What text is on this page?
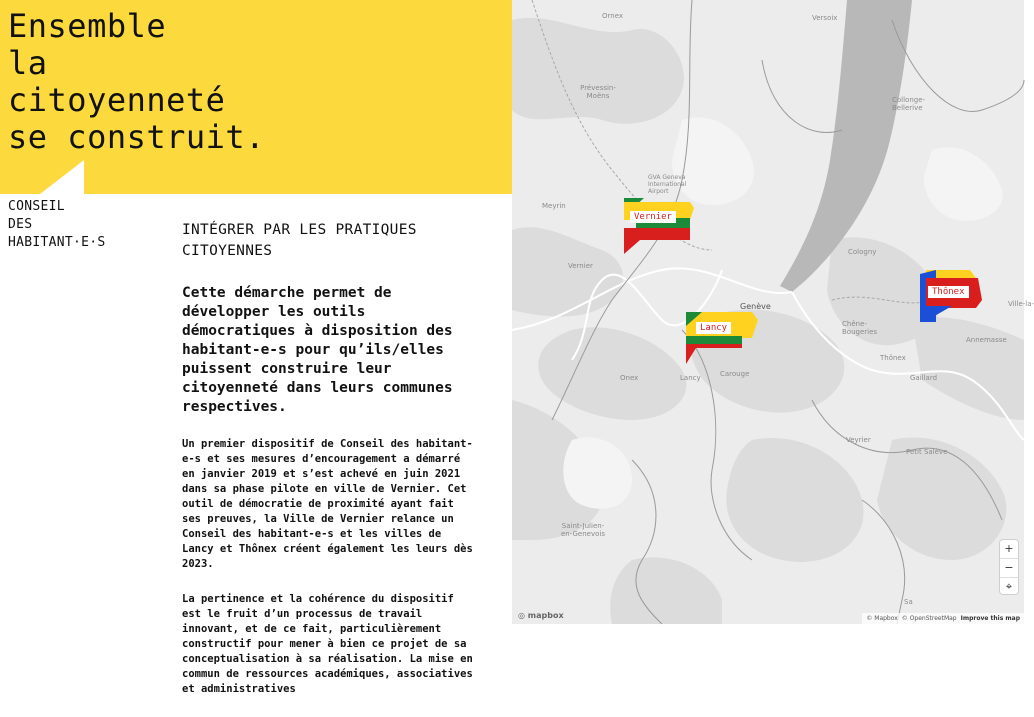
Ensemble
la
citoyenneté
se construit.
CONSEIL
DES
HABITANT·E·S
INTÉGRER PAR LES PRATIQUES CITOYENNES

Cette démarche permet de développer les outils démocratiques à disposition des habitant-e-s pour qu’ils/elles puissent construire leur citoyenneté dans leurs communes respectives.

Un premier dispositif de Conseil des habitant-e-s et ses mesures d’encouragement a démarré en janvier 2019 et s’est achevé en juin 2021 dans sa phase pilote en ville de Vernier. Cet outil de démocratie de proximité ayant fait ses preuves, la Ville de Vernier relance un Conseil des habitant-e-s et les villes de Lancy et Thônex créent également les leurs dès 2023.

La pertinence et la cohérence du dispositif est le fruit d’un processus de travail innovant, et de ce fait, particulièrement constructif pour mener à bien ce projet de sa conceptualisation à sa réalisation. La mise en commun de ressources académiques, associatives et administratives

Ornex	Versoix
Prévessin-Moëns	Collonge-Bellerive
GVA Geneva International Airport
Meyrin
Cologny
Vernier
Genève
Chêne-Bougeries
Ville-la-
Annemasse
Thônex
Onex	Lancy	Carouge	Gaillard
Veyrier
Petit Salève
Saint-Julien-en-Genevois
Sa
Vernier
Lancy
Thônex
+
−
⌖
◎ mapbox	© Mapbox © OpenStreetMap Improve this map
